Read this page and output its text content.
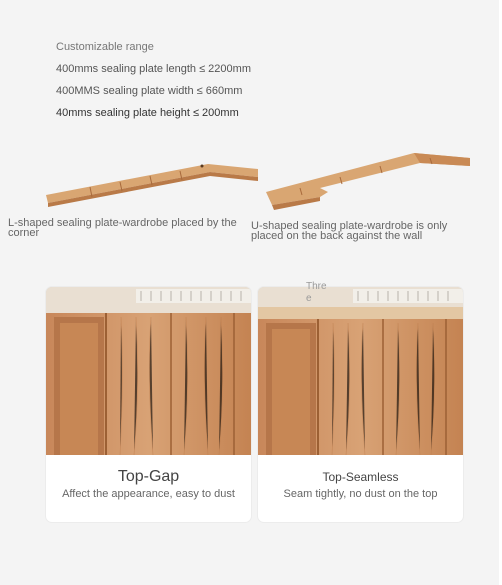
Customizable range
400mms sealing plate length ≤ 2200mm
400MMS sealing plate width ≤ 660mm
40mms sealing plate height ≤ 200mm
L-shaped sealing plate-wardrobe placed by the corner
U-shaped sealing plate-wardrobe is only placed on the back against the wall
Top-Gap
Affect the appearance, easy to dust
Top-Seamless
Seam tightly, no dust on the top
Thre e
